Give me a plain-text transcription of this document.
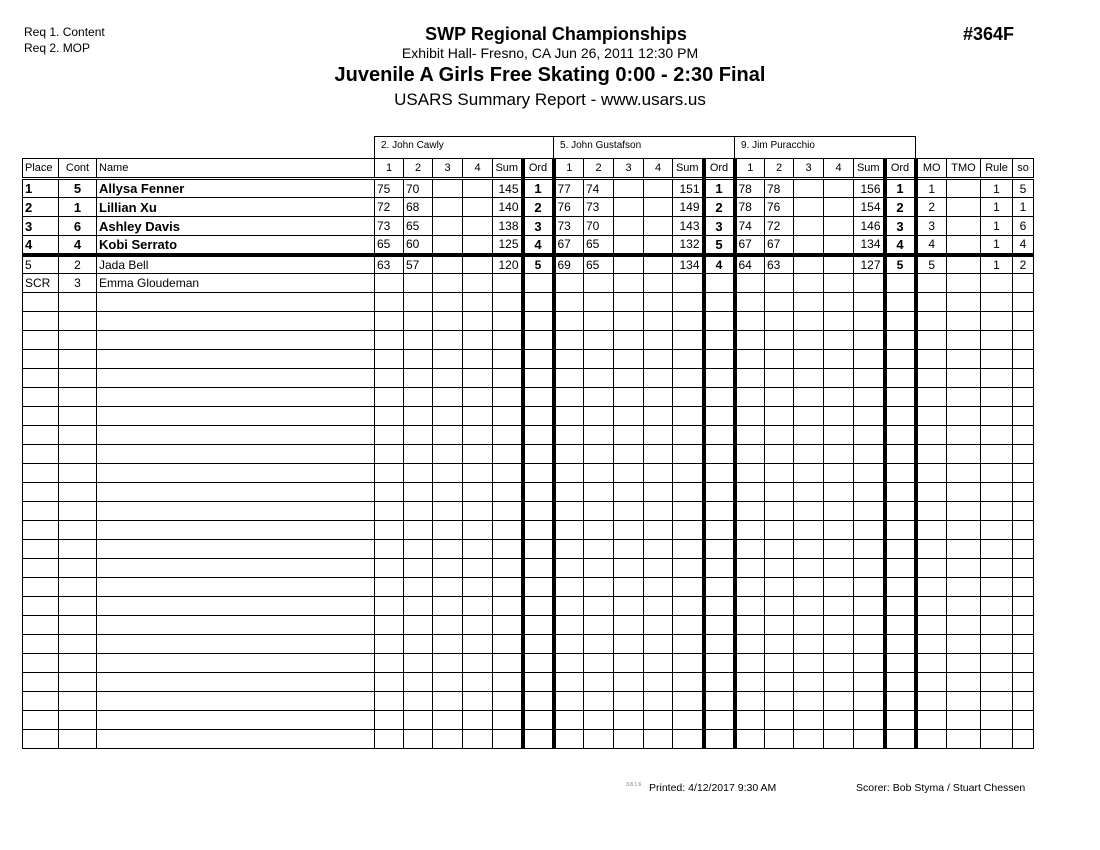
Req 1. Content
Req 2. MOP
SWP Regional Championships
Exhibit Hall- Fresno, CA Jun 26, 2011 12:30 PM
Juvenile A Girls Free Skating 0:00 - 2:30 Final
USARS Summary Report - www.usars.us
#364F
2. John Cawly	5. John Gustafson	9. Jim Puracchio
Place	Cont	Name	1	2	3	4	Sum	Ord	1	2	3	4	Sum	Ord	1	2	3	4	Sum	Ord	MO	TMO	Rule	so
1	5	Allysa Fenner	75	70			145	1	77	74			151	1	78	78			156	1	1		1	5
2	1	Lillian Xu	72	68			140	2	76	73			149	2	78	76			154	2	2		1	1
3	6	Ashley Davis	73	65			138	3	73	70			143	3	74	72			146	3	3		1	6
4	4	Kobi Serrato	65	60			125	4	67	65			132	5	67	67			134	4	4		1	4
5	2	Jada Bell	63	57			120	5	69	65			134	4	64	63			127	5	5		1	2
SCR	3	Emma Gloudeman																						

3.8.1.6 Printed: 4/12/2017 9:30 AM	Scorer: Bob Styma / Stuart Chessen
